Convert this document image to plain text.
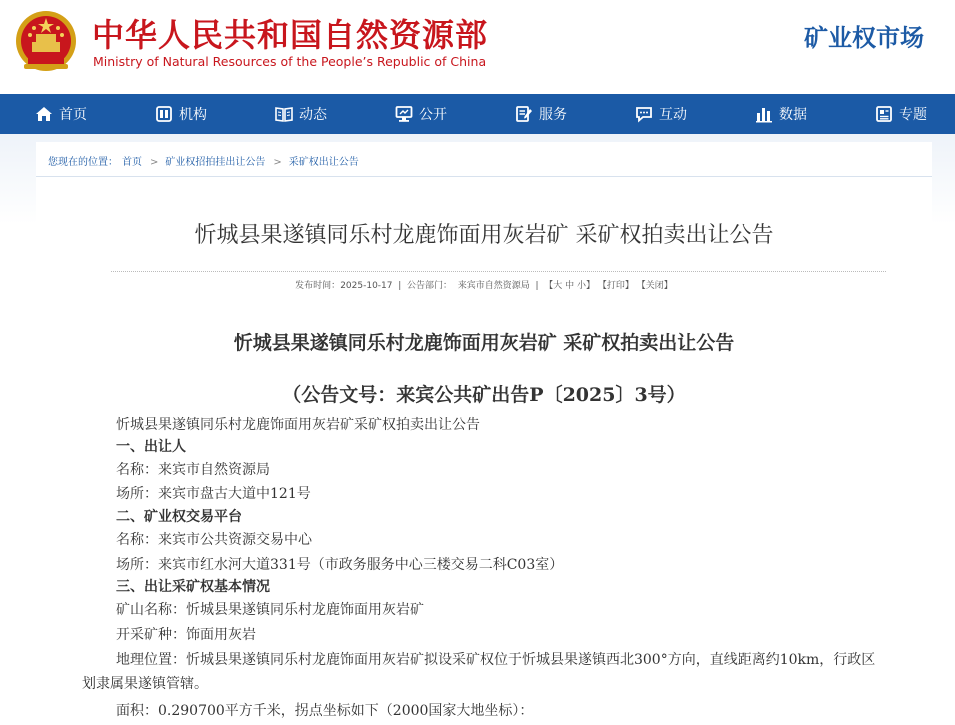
中华人民共和国自然资源部
Ministry of Natural Resources of the People’s Republic of China
矿业权市场
首页	机构	动态	公开	服务	互动	数据	专题
您现在的位置： 首页 > 矿业权招拍挂出让公告 > 采矿权出让公告
忻城县果遂镇同乐村龙鹿饰面用灰岩矿 采矿权拍卖出让公告
发布时间：2025-10-17  |  公告部门： 来宾市自然资源局  |  【大 中 小】 【打印】 【关闭】
忻城县果遂镇同乐村龙鹿饰面用灰岩矿 采矿权拍卖出让公告
（公告文号：来宾公共矿出告P〔2025〕3号）
忻城县果遂镇同乐村龙鹿饰面用灰岩矿采矿权拍卖出让公告
一、出让人
名称：来宾市自然资源局
场所：来宾市盘古大道中121号
二、矿业权交易平台
名称：来宾市公共资源交易中心
场所：来宾市红水河大道331号（市政务服务中心三楼交易二科C03室）
三、出让采矿权基本情况
矿山名称：忻城县果遂镇同乐村龙鹿饰面用灰岩矿
开采矿种：饰面用灰岩
地理位置：忻城县果遂镇同乐村龙鹿饰面用灰岩矿拟设采矿权位于忻城县果遂镇西北300°方向，直线距离约10km，行政区划隶属果遂镇管辖。
面积：0.290700平方千米，拐点坐标如下（2000国家大地坐标）：
